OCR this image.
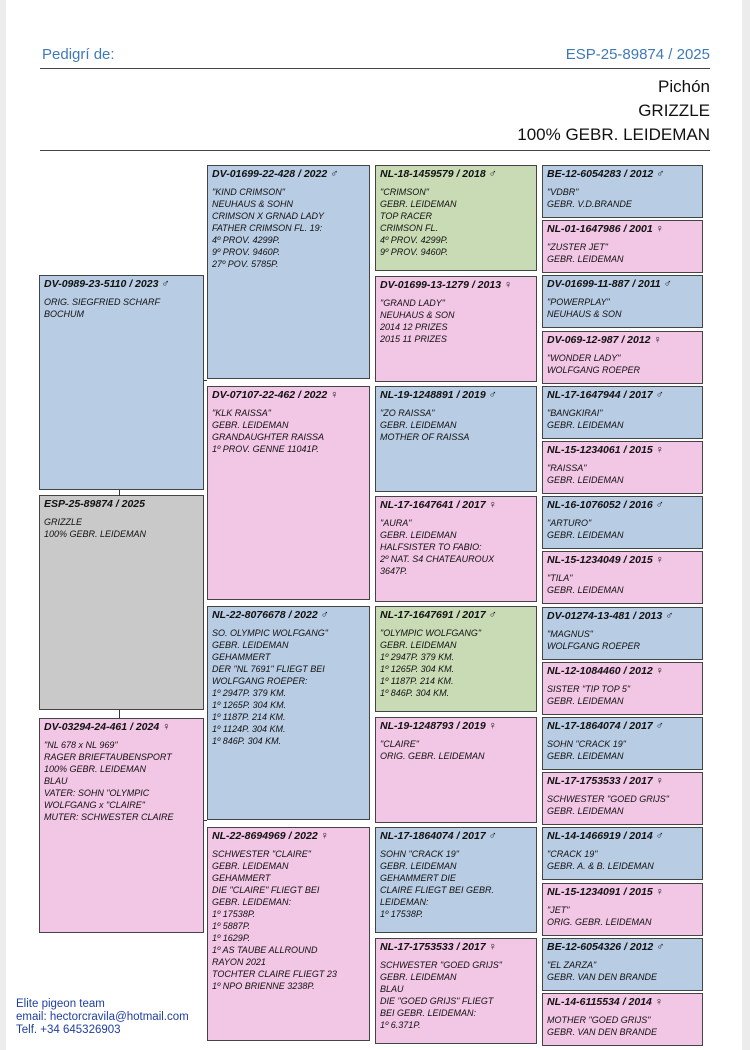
Pedigrí de:	ESP-25-89874 / 2025
Pichón
GRIZZLE
100% GEBR. LEIDEMAN
ESP-25-89874 / 2025
GRIZZLE
100% GEBR. LEIDEMAN
DV-0989-23-5110 / 2023 ♂
ORIG. SIEGFRIED SCHARF
BOCHUM
DV-03294-24-461 / 2024 ♀
"NL 678 x NL 969"
RAGER BRIEFTAUBENSPORT
100% GEBR. LEIDEMAN
BLAU
VATER: SOHN "OLYMPIC
WOLFGANG x "CLAIRE"
MUTER: SCHWESTER CLAIRE
DV-01699-22-428 / 2022 ♂
"KIND CRIMSON"
NEUHAUS & SOHN
CRIMSON X GRNAD LADY
FATHER CRIMSON FL. 19:
4º PROV. 4299P.
9º PROV. 9460P.
27º POV. 5785P.
DV-07107-22-462 / 2022 ♀
"KLK RAISSA"
GEBR. LEIDEMAN
GRANDAUGHTER RAISSA
1º PROV. GENNE 11041P.
NL-22-8076678 / 2022 ♂
SO. OLYMPIC WOLFGANG"
GEBR. LEIDEMAN
GEHAMMERT
DER "NL 7691" FLIEGT BEI
WOLFGANG ROEPER:
1º 2947P. 379 KM.
1º 1265P. 304 KM.
1º 1187P. 214 KM.
1º 1124P. 304 KM.
1º 846P. 304 KM.
NL-22-8694969 / 2022 ♀
SCHWESTER "CLAIRE"
GEBR. LEIDEMAN
GEHAMMERT
DIE "CLAIRE" FLIEGT BEI
GEBR. LEIDEMAN:
1º 17538P.
1º 5887P.
1º 1629P.
1º AS TAUBE ALLROUND
RAYON 2021
TOCHTER CLAIRE FLIEGT 23
1º NPO BRIENNE 3238P.
NL-18-1459579 / 2018 ♂
"CRIMSON"
GEBR. LEIDEMAN
TOP RACER
CRIMSON FL.
4º PROV. 4299P.
9º PROV. 9460P.
DV-01699-13-1279 / 2013 ♀
"GRAND LADY"
NEUHAUS & SON
2014 12 PRIZES
2015 11 PRIZES
NL-19-1248891 / 2019 ♂
"ZO RAISSA"
GEBR. LEIDEMAN
MOTHER OF RAISSA
NL-17-1647641 / 2017 ♀
"AURA"
GEBR. LEIDEMAN
HALFSISTER TO FABIO:
2º NAT. S4 CHATEAUROUX
3647P.
NL-17-1647691 / 2017 ♂
"OLYMPIC WOLFGANG"
GEBR. LEIDEMAN
1º 2947P. 379 KM.
1º 1265P. 304 KM.
1º 1187P. 214 KM.
1º 846P. 304 KM.
NL-19-1248793 / 2019 ♀
"CLAIRE"
ORIG. GEBR. LEIDEMAN
NL-17-1864074 / 2017 ♂
SOHN "CRACK 19"
GEBR. LEIDEMAN
GEHAMMERT DIE
CLAIRE FLIEGT BEI GEBR.
LEIDEMAN:
1º 17538P.
NL-17-1753533 / 2017 ♀
SCHWESTER "GOED GRIJS"
GEBR. LEIDEMAN
BLAU
DIE "GOED GRIJS" FLIEGT
BEI GEBR. LEIDEMAN:
1º 6.371P.
BE-12-6054283 / 2012 ♂
"VDBR"
GEBR. V.D.BRANDE
NL-01-1647986 / 2001 ♀
"ZUSTER JET"
GEBR. LEIDEMAN
DV-01699-11-887 / 2011 ♂
"POWERPLAY"
NEUHAUS & SON
DV-069-12-987 / 2012 ♀
"WONDER LADY"
WOLFGANG ROEPER
NL-17-1647944 / 2017 ♂
"BANGKIRAI"
GEBR. LEIDEMAN
NL-15-1234061 / 2015 ♀
"RAISSA"
GEBR. LEIDEMAN
NL-16-1076052 / 2016 ♂
"ARTURO"
GEBR. LEIDEMAN
NL-15-1234049 / 2015 ♀
"TILA"
GEBR. LEIDEMAN
DV-01274-13-481 / 2013 ♂
"MAGNUS"
WOLFGANG ROEPER
NL-12-1084460 / 2012 ♀
SISTER "TIP TOP 5"
GEBR. LEIDEMAN
NL-17-1864074 / 2017 ♂
SOHN "CRACK 19"
GEBR. LEIDEMAN
NL-17-1753533 / 2017 ♀
SCHWESTER "GOED GRIJS"
GEBR. LEIDEMAN
NL-14-1466919 / 2014 ♂
"CRACK 19"
GEBR. A. & B. LEIDEMAN
NL-15-1234091 / 2015 ♀
"JET"
ORIG. GEBR. LEIDEMAN
BE-12-6054326 / 2012 ♂
"EL ZARZA"
GEBR. VAN DEN BRANDE
NL-14-6115534 / 2014 ♀
MOTHER "GOED GRIJS"
GEBR. VAN DEN BRANDE
Elite pigeon team
email: hectorcravila@hotmail.com
Telf. +34 645326903
